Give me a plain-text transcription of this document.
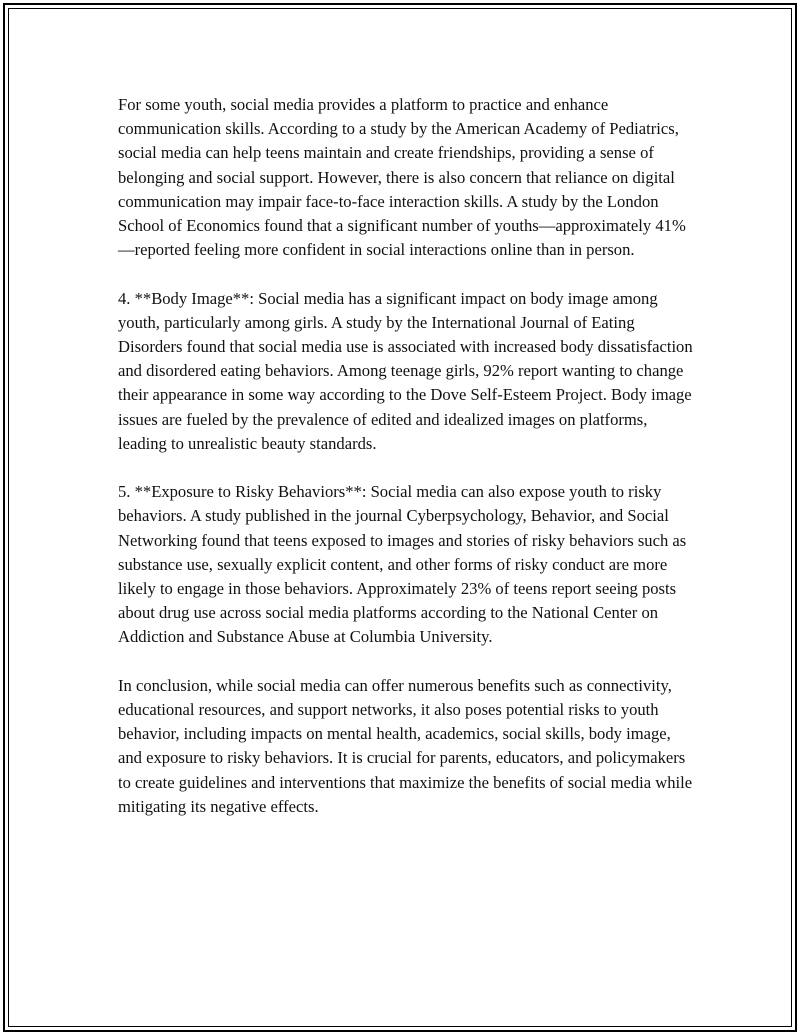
For some youth, social media provides a platform to practice and enhance communication skills. According to a study by the American Academy of Pediatrics, social media can help teens maintain and create friendships, providing a sense of belonging and social support. However, there is also concern that reliance on digital communication may impair face-to-face interaction skills. A study by the London School of Economics found that a significant number of youths—approximately 41%—reported feeling more confident in social interactions online than in person.

4. **Body Image**: Social media has a significant impact on body image among youth, particularly among girls. A study by the International Journal of Eating Disorders found that social media use is associated with increased body dissatisfaction and disordered eating behaviors. Among teenage girls, 92% report wanting to change their appearance in some way according to the Dove Self-Esteem Project. Body image issues are fueled by the prevalence of edited and idealized images on platforms, leading to unrealistic beauty standards.

5. **Exposure to Risky Behaviors**: Social media can also expose youth to risky behaviors. A study published in the journal Cyberpsychology, Behavior, and Social Networking found that teens exposed to images and stories of risky behaviors such as substance use, sexually explicit content, and other forms of risky conduct are more likely to engage in those behaviors. Approximately 23% of teens report seeing posts about drug use across social media platforms according to the National Center on Addiction and Substance Abuse at Columbia University.

In conclusion, while social media can offer numerous benefits such as connectivity, educational resources, and support networks, it also poses potential risks to youth behavior, including impacts on mental health, academics, social skills, body image, and exposure to risky behaviors. It is crucial for parents, educators, and policymakers to create guidelines and interventions that maximize the benefits of social media while mitigating its negative effects.
